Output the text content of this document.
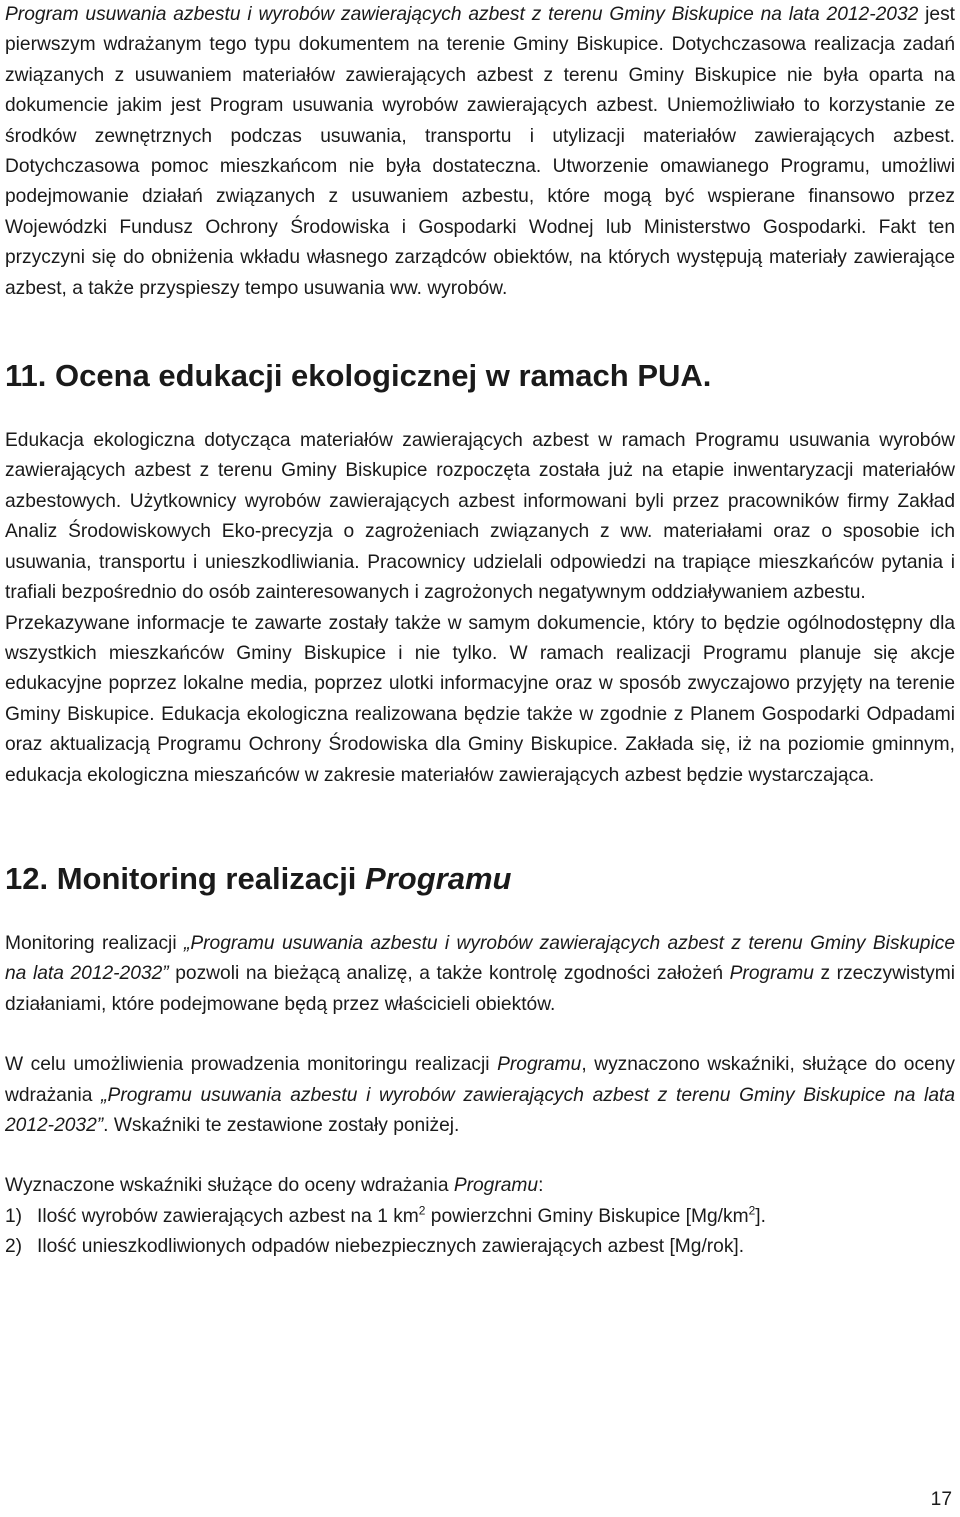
Program usuwania azbestu i wyrobów zawierających azbest z terenu Gminy Biskupice na lata 2012-2032 jest pierwszym wdrażanym tego typu dokumentem na terenie Gminy Biskupice. Dotychczasowa realizacja zadań związanych z usuwaniem materiałów zawierających azbest z terenu Gminy Biskupice nie była oparta na dokumencie jakim jest Program usuwania wyrobów zawierających azbest. Uniemożliwiało to korzystanie ze środków zewnętrznych podczas usuwania, transportu i utylizacji materiałów zawierających azbest. Dotychczasowa pomoc mieszkańcom nie była dostateczna. Utworzenie omawianego Programu, umożliwi podejmowanie działań związanych z usuwaniem azbestu, które mogą być wspierane finansowo przez Wojewódzki Fundusz Ochrony Środowiska i Gospodarki Wodnej lub Ministerstwo Gospodarki. Fakt ten przyczyni się do obniżenia wkładu własnego zarządców obiektów, na których występują materiały zawierające azbest, a także przyspieszy tempo usuwania ww. wyrobów.

11. Ocena edukacji ekologicznej w ramach PUA.

Edukacja ekologiczna dotycząca materiałów zawierających azbest w ramach Programu usuwania wyrobów zawierających azbest z terenu Gminy Biskupice rozpoczęta została już na etapie inwentaryzacji materiałów azbestowych. Użytkownicy wyrobów zawierających azbest informowani byli przez pracowników firmy Zakład Analiz Środowiskowych Eko-precyzja o zagrożeniach związanych z ww. materiałami oraz o sposobie ich usuwania, transportu i unieszkodliwiania. Pracownicy udzielali odpowiedzi na trapiące mieszkańców pytania i trafiali bezpośrednio do osób zainteresowanych i zagrożonych negatywnym oddziaływaniem azbestu.

Przekazywane informacje te zawarte zostały także w samym dokumencie, który to będzie ogólnodostępny dla wszystkich mieszkańców Gminy Biskupice i nie tylko. W ramach realizacji Programu planuje się akcje edukacyjne poprzez lokalne media, poprzez ulotki informacyjne oraz w sposób zwyczajowo przyjęty na terenie Gminy Biskupice. Edukacja ekologiczna realizowana będzie także w zgodnie z Planem Gospodarki Odpadami oraz aktualizacją Programu Ochrony Środowiska dla Gminy Biskupice. Zakłada się, iż na poziomie gminnym, edukacja ekologiczna mieszańców w zakresie materiałów zawierających azbest będzie wystarczająca.

12. Monitoring realizacji Programu

Monitoring realizacji „Programu usuwania azbestu i wyrobów zawierających azbest z terenu Gminy Biskupice na lata 2012-2032” pozwoli na bieżącą analizę, a także kontrolę zgodności założeń Programu z rzeczywistymi działaniami, które podejmowane będą przez właścicieli obiektów.

W celu umożliwienia prowadzenia monitoringu realizacji Programu, wyznaczono wskaźniki, służące do oceny wdrażania „Programu usuwania azbestu i wyrobów zawierających azbest z terenu Gminy Biskupice na lata 2012-2032”. Wskaźniki te zestawione zostały poniżej.

Wyznaczone wskaźniki służące do oceny wdrażania Programu:

1) Ilość wyrobów zawierających azbest na 1 $km^2$ powierzchni Gminy Biskupice $[Mg/km^2]$.
2) Ilość unieszkodliwionych odpadów niebezpiecznych zawierających azbest [Mg/rok].
17
